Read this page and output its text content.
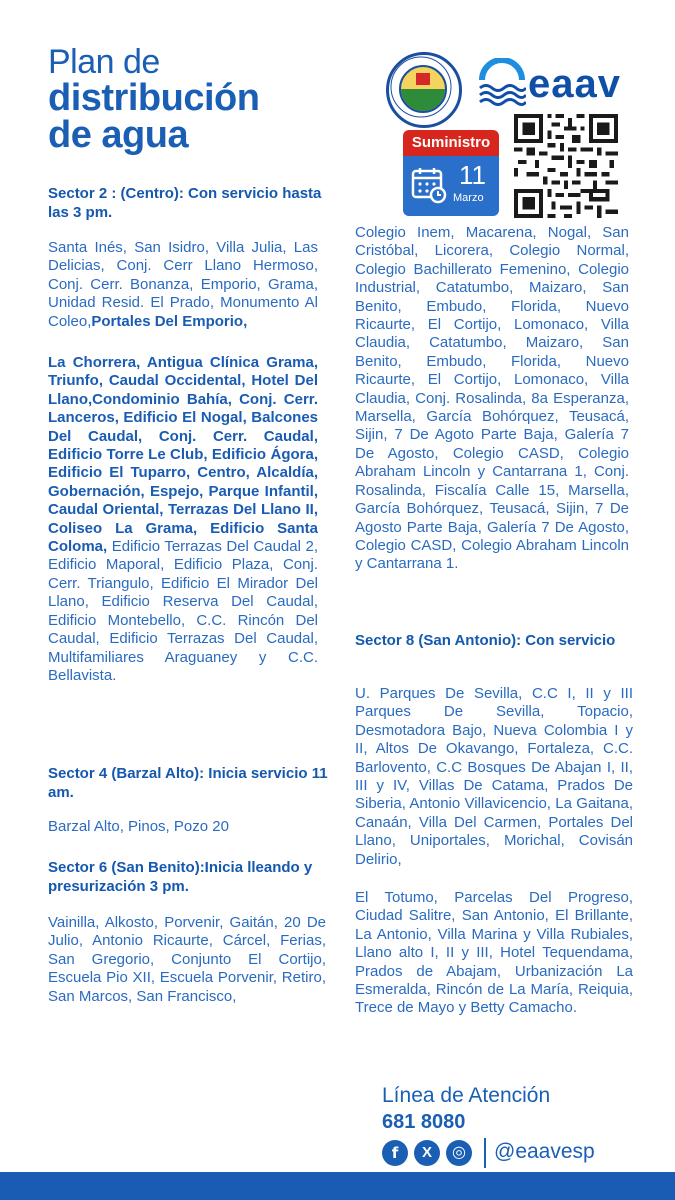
Plan de
distribución
de agua
eaav
Suministro
11
Marzo
Sector 2 : (Centro): Con servicio hasta las 3 pm.
Santa Inés, San Isidro, Villa Julia, Las Delicias, Conj. Cerr Llano Hermoso, Conj. Cerr. Bonanza, Emporio, Grama, Unidad Resid. El Prado, Monumento Al Coleo,Portales Del Emporio,
La Chorrera, Antigua Clínica Grama, Triunfo, Caudal Occidental, Hotel Del Llano,Condominio Bahía, Conj. Cerr. Lanceros, Edificio El Nogal, Balcones Del Caudal, Conj. Cerr. Caudal, Edificio Torre Le Club, Edificio Ágora, Edificio El Tuparro, Centro, Alcaldía, Gobernación, Espejo, Parque Infantil, Caudal Oriental, Terrazas Del Llano II, Coliseo La Grama, Edificio Santa Coloma, Edificio Terrazas Del Caudal 2, Edificio Maporal, Edificio Plaza, Conj. Cerr. Triangulo, Edificio El Mirador Del Llano, Edificio Reserva Del Caudal, Edificio Montebello, C.C. Rincón Del Caudal, Edificio Terrazas Del Caudal, Multifamiliares Araguaney y C.C. Bellavista.
Sector 4 (Barzal Alto): Inicia servicio 11 am.
Barzal Alto, Pinos, Pozo 20
Sector 6 (San Benito):Inicia lleando y presurización 3 pm.
Vainilla, Alkosto, Porvenir, Gaitán, 20 De Julio, Antonio Ricaurte, Cárcel, Ferias, San Gregorio, Conjunto El Cortijo, Escuela Pio XII, Escuela Porvenir, Retiro, San Marcos, San Francisco,
Colegio Inem, Macarena, Nogal, San Cristóbal, Licorera, Colegio Normal, Colegio Bachillerato Femenino, Colegio Industrial, Catatumbo, Maizaro, San Benito, Embudo, Florida, Nuevo Ricaurte, El Cortijo, Lomonaco, Villa Claudia, Catatumbo, Maizaro, San Benito, Embudo, Florida, Nuevo Ricaurte, El Cortijo, Lomonaco, Villa Claudia, Conj. Rosalinda, 8a Esperanza, Marsella, García Bohórquez, Teusacá, Sijin, 7 De Agoto Parte Baja, Galería 7 De Agosto, Colegio CASD, Colegio Abraham Lincoln y Cantarrana 1, Conj. Rosalinda, Fiscalía Calle 15, Marsella, García Bohórquez, Teusacá, Sijin, 7 De Agosto Parte Baja, Galería 7 De Agosto, Colegio CASD, Colegio Abraham Lincoln y Cantarrana 1.
Sector 8 (San Antonio): Con servicio
U. Parques De Sevilla, C.C I, II y III Parques De Sevilla, Topacio, Desmotadora Bajo, Nueva Colombia I y II, Altos De Okavango, Fortaleza, C.C. Barlovento, C.C Bosques De Abajan I, II, III y IV, Villas De Catama, Prados De Siberia, Antonio Villavicencio, La Gaitana, Canaán, Villa Del Carmen, Portales Del Llano, Uniportales, Morichal, Covisán Delirio,
El Totumo, Parcelas Del Progreso, Ciudad Salitre, San Antonio, El Brillante, La Antonio, Villa Marina y Villa Rubiales, Llano alto I, II y III, Hotel Tequendama, Prados de Abajam, Urbanización La Esmeralda, Rincón de La María, Reiquia, Trece de Mayo y Betty Camacho.
Línea de Atención
681 8080
f	X	◎ @eaavesp
